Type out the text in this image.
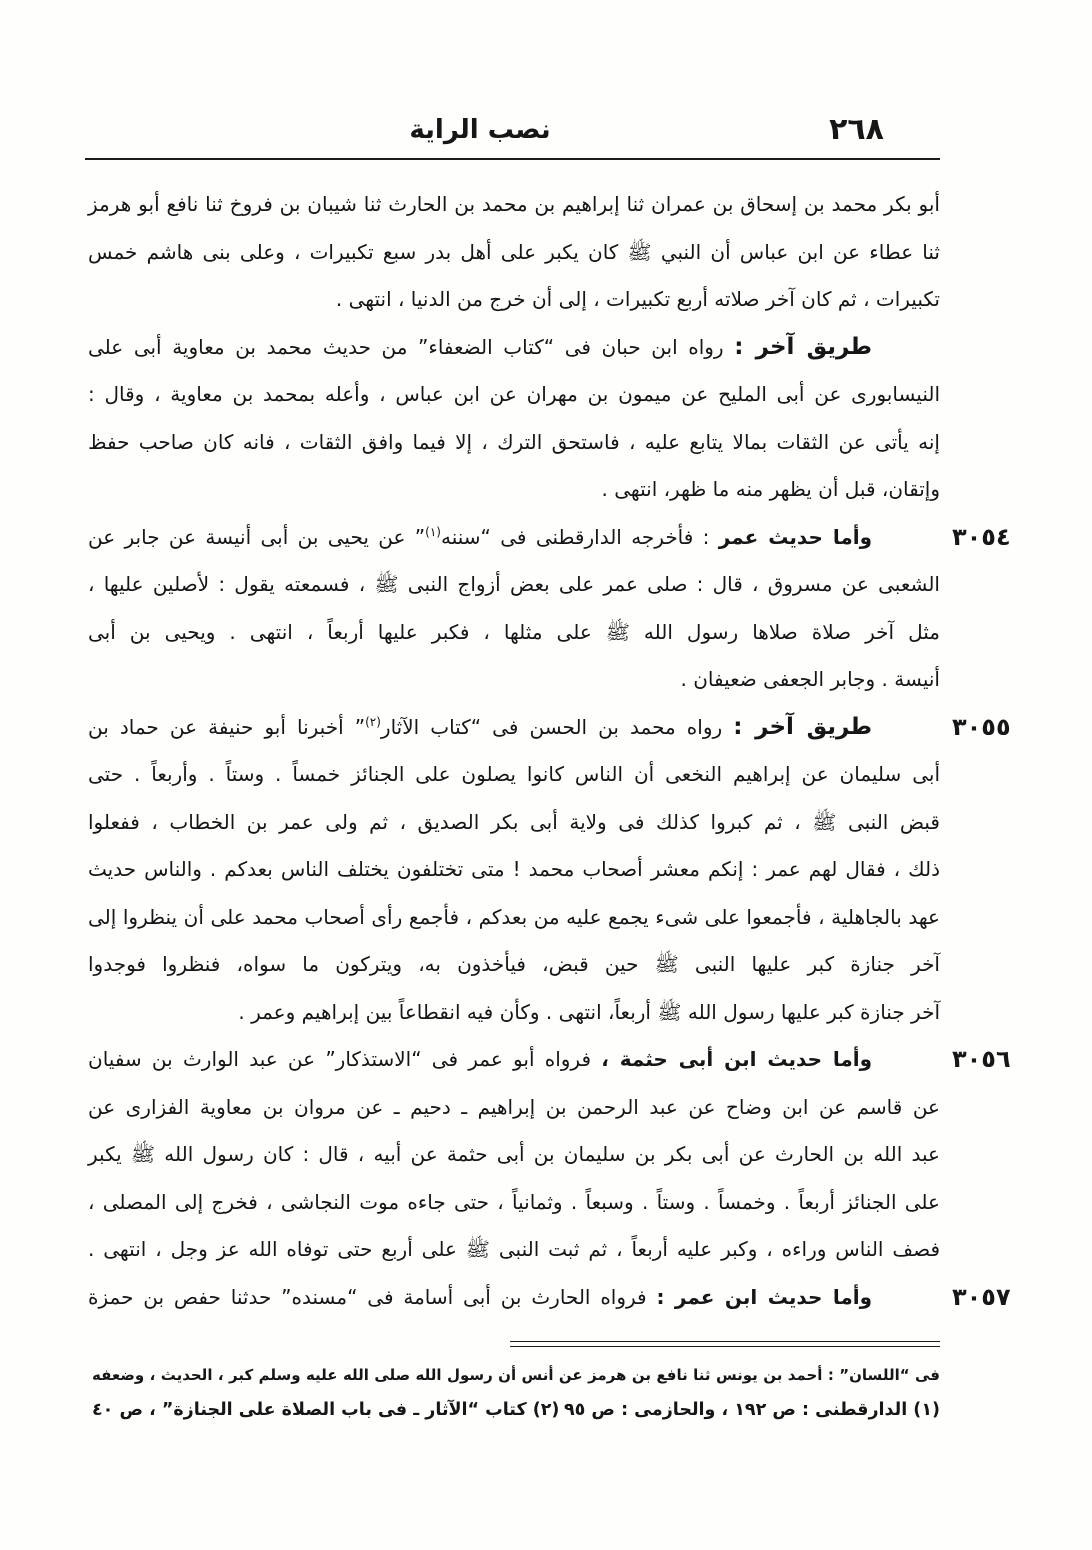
٢٦٨
نصب الراية
أبو بكر محمد بن إسحاق بن عمران ثنا إبراهيم بن محمد بن الحارث ثنا شيبان بن فروخ ثنا نافع أبو هرمز
ثنا عطاء عن ابن عباس أن النبي ﷺ كان يكبر على أهل بدر سبع تكبيرات ، وعلى بنى هاشم خمس
تكبيرات ، ثم كان آخر صلاته أربع تكبيرات ، إلى أن خرج من الدنيا ، انتهى .
طريق آخر : رواه ابن حبان فى “كتاب الضعفاء” من حديث محمد بن معاوية أبى على
النيسابورى عن أبى المليح عن ميمون بن مهران عن ابن عباس ، وأعله بمحمد بن معاوية ، وقال :
إنه يأتى عن الثقات بمالا يتابع عليه ، فاستحق الترك ، إلا فيما وافق الثقات ، فانه كان صاحب حفظ
وإتقان، قبل أن يظهر منه ما ظهر، انتهى .
٣٠٥٤
وأما حديث عمر : فأخرجه الدارقطنى فى “سننه$^{(١)}$” عن يحيى بن أبى أنيسة عن جابر عن
الشعبى عن مسروق ، قال : صلى عمر على بعض أزواج النبى ﷺ ، فسمعته يقول : لأصلين عليها ،
مثل آخر صلاة صلاها رسول الله ﷺ على مثلها ، فكبر عليها أربعاً ، انتهى . ويحيى بن أبى
أنيسة . وجابر الجعفى ضعيفان .
٣٠٥٥
طريق آخر : رواه محمد بن الحسن فى “كتاب الآثار$^{(٢)}$” أخبرنا أبو حنيفة عن حماد بن
أبى سليمان عن إبراهيم النخعى أن الناس كانوا يصلون على الجنائز خمساً . وستاً . وأربعاً . حتى
قبض النبى ﷺ ، ثم كبروا كذلك فى ولاية أبى بكر الصديق ، ثم ولى عمر بن الخطاب ، ففعلوا
ذلك ، فقال لهم عمر : إنكم معشر أصحاب محمد ! متى تختلفون يختلف الناس بعدكم . والناس حديث
عهد بالجاهلية ، فأجمعوا على شىء يجمع عليه من بعدكم ، فأجمع رأى أصحاب محمد على أن ينظروا إلى
آخر جنازة كبر عليها النبى ﷺ حين قبض، فيأخذون به، ويتركون ما سواه، فنظروا فوجدوا
آخر جنازة كبر عليها رسول الله ﷺ أربعاً، انتهى . وكأن فيه انقطاعاً بين إبراهيم وعمر .
٣٠٥٦
وأما حديث ابن أبى حثمة ، فرواه أبو عمر فى “الاستذكار” عن عبد الوارث بن سفيان
عن قاسم عن ابن وضاح عن عبد الرحمن بن إبراهيم ـ دحيم ـ عن مروان بن معاوية الفزارى عن
عبد الله بن الحارث عن أبى بكر بن سليمان بن أبى حثمة عن أبيه ، قال : كان رسول الله ﷺ يكبر
على الجنائز أربعاً . وخمساً . وستاً . وسبعاً . وثمانياً ، حتى جاءه موت النجاشى ، فخرج إلى المصلى ،
فصف الناس وراءه ، وكبر عليه أربعاً ، ثم ثبت النبى ﷺ على أربع حتى توفاه الله عز وجل ، انتهى .
٣٠٥٧
وأما حديث ابن عمر : فرواه الحارث بن أبى أسامة فى “مسنده” حدثنا حفص بن حمزة
فى “اللسان” : أحمد بن يونس ثنا نافع بن هرمز عن أنس أن رسول الله صلى الله عليه وسلم كبر ، الحديث ، وضعفه
(١) الدارقطنى : ص ١٩٢ ، والحازمى : ص ٩٥
(٢) كتاب “الآثار ـ فى باب الصلاة على الجنازة” ، ص ٤٠
